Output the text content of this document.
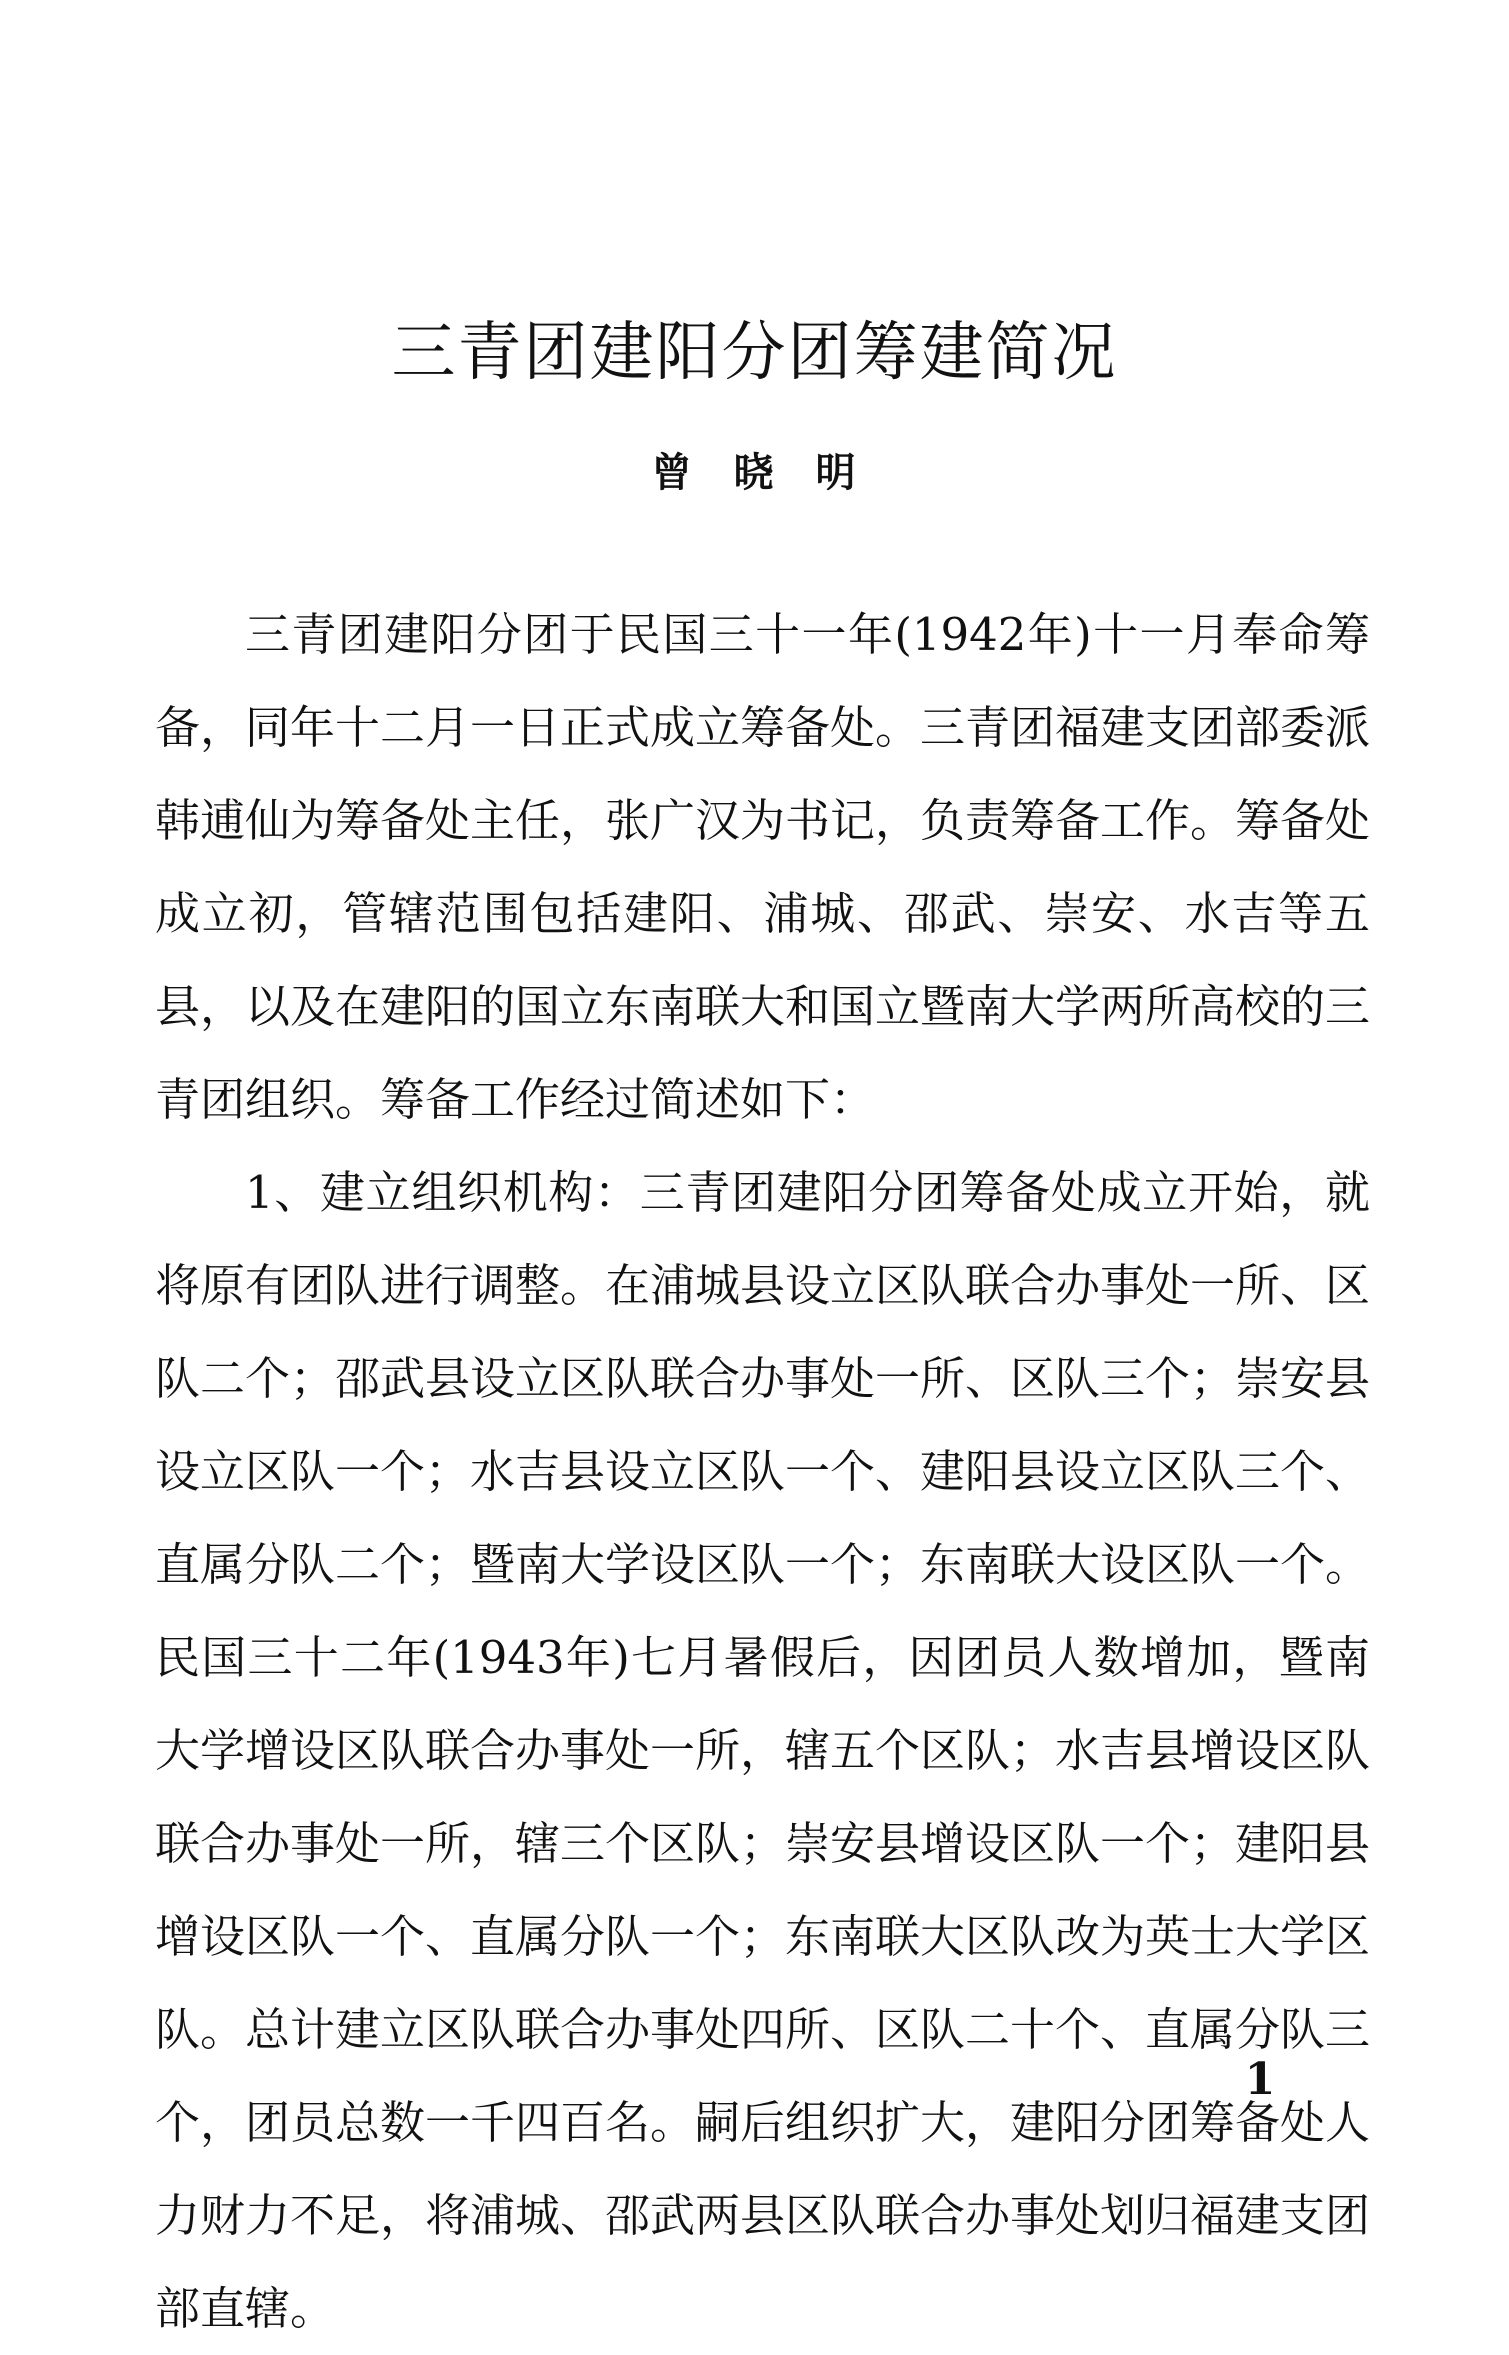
三青团建阳分团筹建简况
曾晓明

三青团建阳分团于民国三十一年(1942年)十一月奉命筹备，同年十二月一日正式成立筹备处。三青团福建支团部委派韩逋仙为筹备处主任，张广汉为书记，负责筹备工作。筹备处成立初，管辖范围包括建阳、浦城、邵武、崇安、水吉等五县，以及在建阳的国立东南联大和国立暨南大学两所高校的三青团组织。筹备工作经过简述如下：

1、建立组织机构：三青团建阳分团筹备处成立开始，就将原有团队进行调整。在浦城县设立区队联合办事处一所、区队二个；邵武县设立区队联合办事处一所、区队三个；崇安县设立区队一个；水吉县设立区队一个、建阳县设立区队三个、直属分队二个；暨南大学设区队一个；东南联大设区队一个。民国三十二年(1943年)七月暑假后，因团员人数增加，暨南大学增设区队联合办事处一所，辖五个区队；水吉县增设区队联合办事处一所，辖三个区队；崇安县增设区队一个；建阳县增设区队一个、直属分队一个；东南联大区队改为英士大学区队。总计建立区队联合办事处四所、区队二十个、直属分队三个，团员总数一千四百名。嗣后组织扩大，建阳分团筹备处人力财力不足，将浦城、邵武两县区队联合办事处划归福建支团部直辖。

1
